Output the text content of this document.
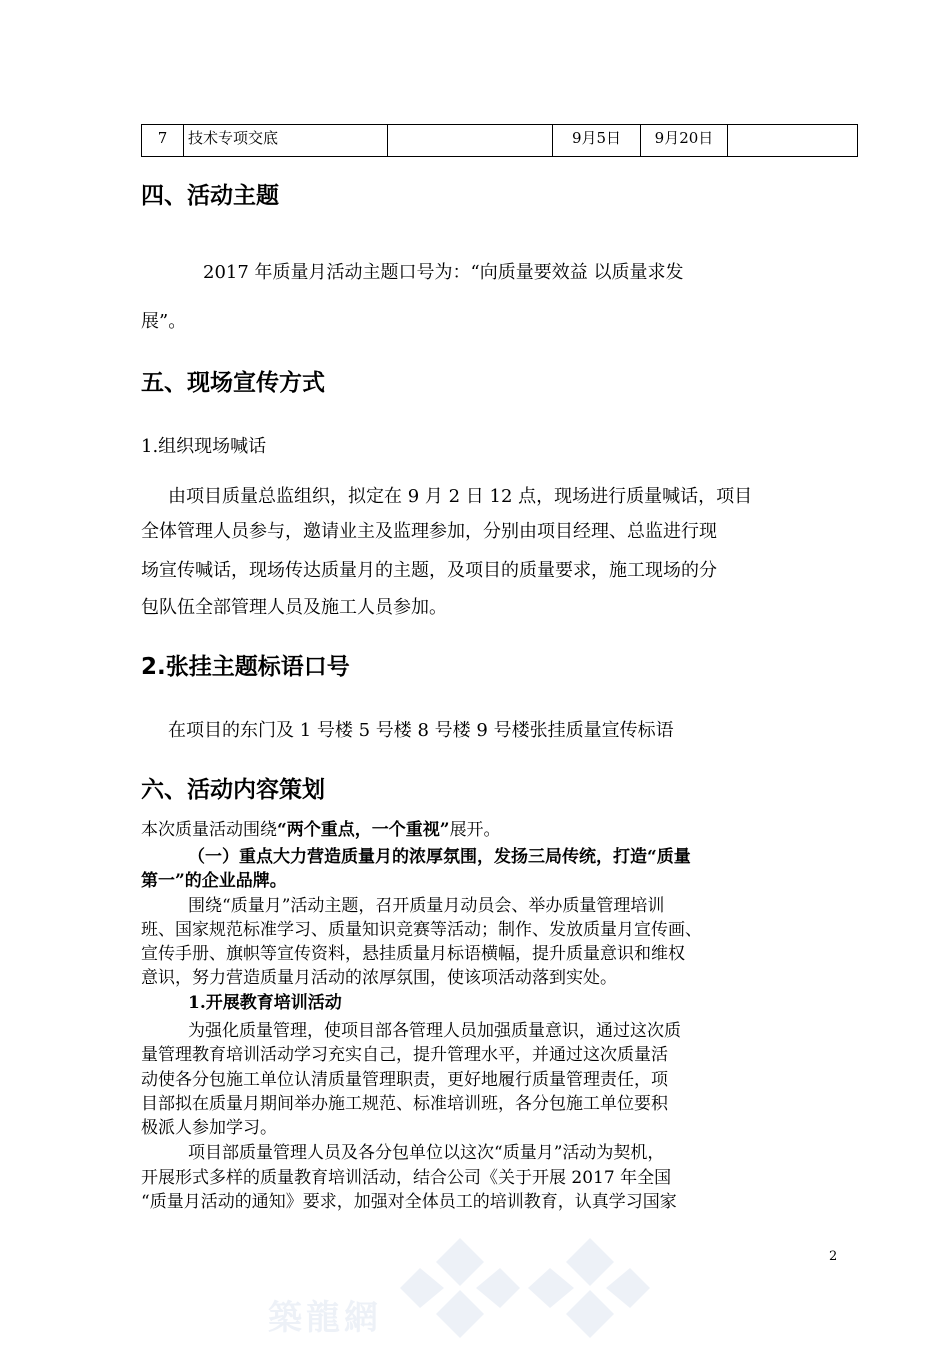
7	技术专项交底		9月5日	9月20日	
四、活动主题
2017 年质量月活动主题口号为：“向质量要效益 以质量求发
展”。
五、现场宣传方式
1.组织现场喊话
由项目质量总监组织，拟定在 9 月 2 日 12 点，现场进行质量喊话，项目
全体管理人员参与，邀请业主及监理参加，分别由项目经理、总监进行现
场宣传喊话，现场传达质量月的主题，及项目的质量要求，施工现场的分
包队伍全部管理人员及施工人员参加。
2.张挂主题标语口号
在项目的东门及 1 号楼 5 号楼 8 号楼 9 号楼张挂质量宣传标语
六、活动内容策划
本次质量活动围绕“两个重点，一个重视”展开。
（一）重点大力营造质量月的浓厚氛围，发扬三局传统，打造“质量
第一”的企业品牌。
围绕“质量月”活动主题，召开质量月动员会、举办质量管理培训
班、国家规范标准学习、质量知识竞赛等活动；制作、发放质量月宣传画、
宣传手册、旗帜等宣传资料，悬挂质量月标语横幅，提升质量意识和维权
意识，努力营造质量月活动的浓厚氛围，使该项活动落到实处。
1.开展教育培训活动
为强化质量管理，使项目部各管理人员加强质量意识，通过这次质
量管理教育培训活动学习充实自己，提升管理水平，并通过这次质量活
动使各分包施工单位认清质量管理职责，更好地履行质量管理责任，项
目部拟在质量月期间举办施工规范、标准培训班，各分包施工单位要积
极派人参加学习。
项目部质量管理人员及各分包单位以这次“质量月”活动为契机，
开展形式多样的质量教育培训活动，结合公司《关于开展 2017 年全国
“质量月活动的通知》要求，加强对全体员工的培训教育，认真学习国家
2
築龍網
